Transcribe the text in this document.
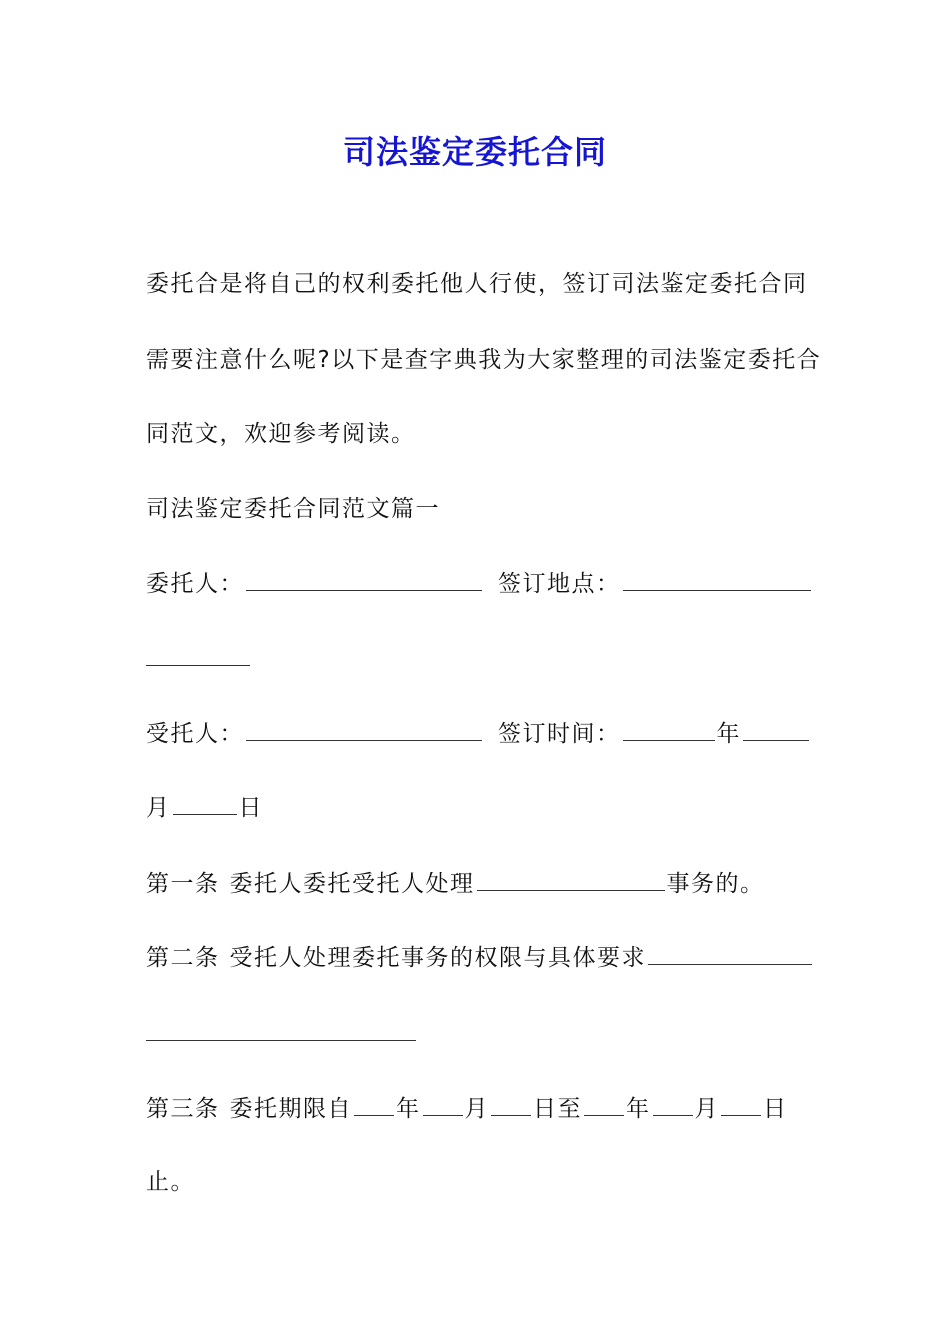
司法鉴定委托合同
委托合是将自己的权利委托他人行使，签订司法鉴定委托合同
需要注意什么呢?以下是查字典我为大家整理的司法鉴定委托合
同范文，欢迎参考阅读。
司法鉴定委托合同范文篇一
委托人：	签订地点：
受托人：	签订时间：	年
月	日
第一条 委托人委托受托人处理	事务的。
第二条 受托人处理委托事务的权限与具体要求
第三条 委托期限自 年 月 日至 年 月 日
止。
